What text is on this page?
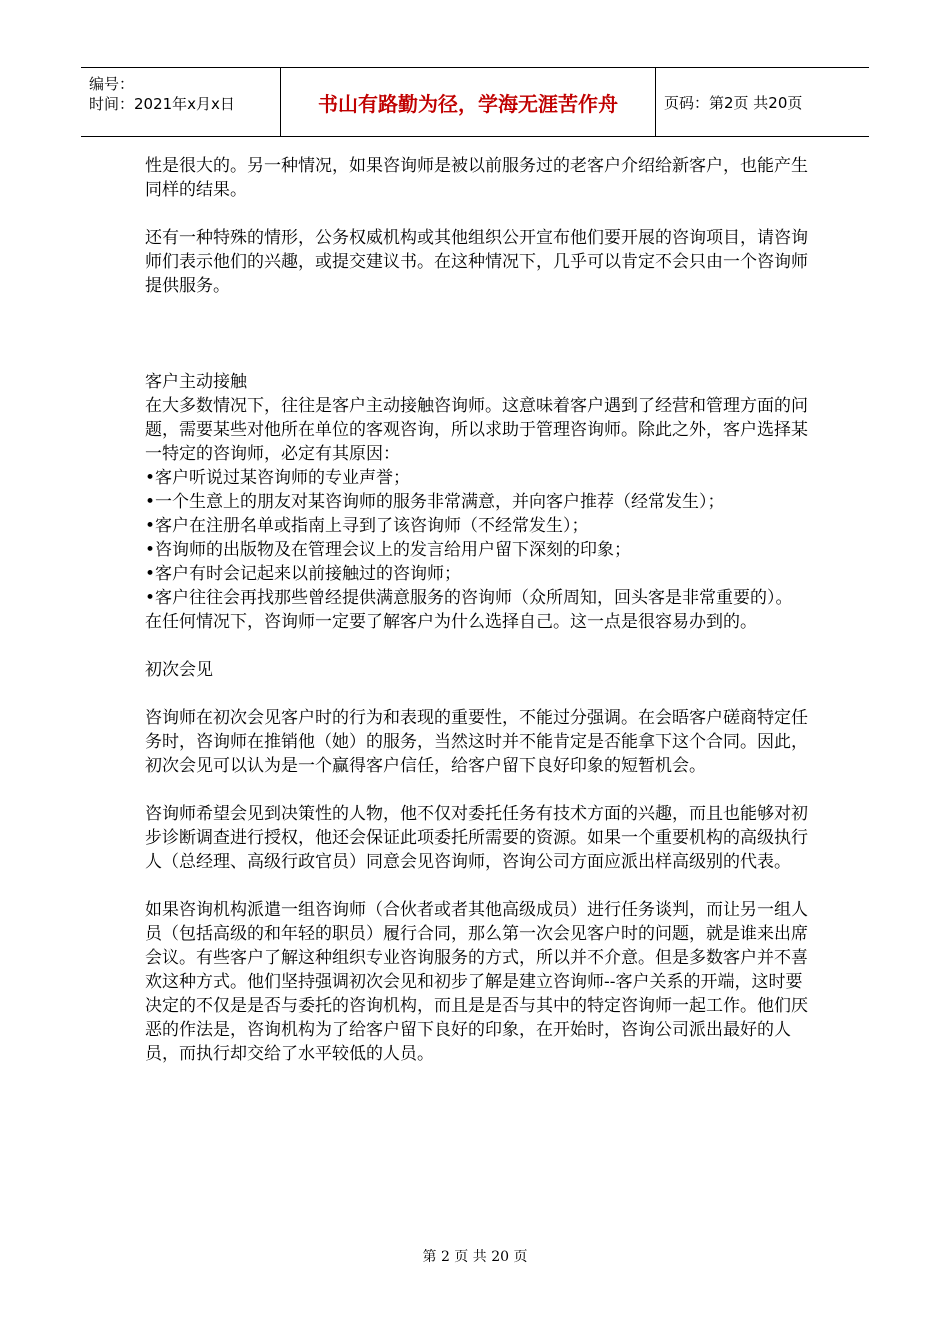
编号：
时间：2021年x月x日	书山有路勤为径，学海无涯苦作舟	页码：第2页 共20页

性是很大的。另一种情况，如果咨询师是被以前服务过的老客户介绍给新客户，也能产生同样的结果。

还有一种特殊的情形，公务权威机构或其他组织公开宣布他们要开展的咨询项目，请咨询师们表示他们的兴趣，或提交建议书。在这种情况下，几乎可以肯定不会只由一个咨询师提供服务。

客户主动接触

在大多数情况下，往往是客户主动接触咨询师。这意味着客户遇到了经营和管理方面的问题，需要某些对他所在单位的客观咨询，所以求助于管理咨询师。除此之外，客户选择某一特定的咨询师，必定有其原因：

•客户听说过某咨询师的专业声誉；

•一个生意上的朋友对某咨询师的服务非常满意，并向客户推荐（经常发生）；

•客户在注册名单或指南上寻到了该咨询师（不经常发生）；

•咨询师的出版物及在管理会议上的发言给用户留下深刻的印象；

•客户有时会记起来以前接触过的咨询师；

•客户往往会再找那些曾经提供满意服务的咨询师（众所周知，回头客是非常重要的）。

在任何情况下，咨询师一定要了解客户为什么选择自己。这一点是很容易办到的。

初次会见

咨询师在初次会见客户时的行为和表现的重要性，不能过分强调。在会晤客户磋商特定任务时，咨询师在推销他（她）的服务，当然这时并不能肯定是否能拿下这个合同。因此，初次会见可以认为是一个赢得客户信任，给客户留下良好印象的短暂机会。

咨询师希望会见到决策性的人物，他不仅对委托任务有技术方面的兴趣，而且也能够对初步诊断调查进行授权，他还会保证此项委托所需要的资源。如果一个重要机构的高级执行人（总经理、高级行政官员）同意会见咨询师，咨询公司方面应派出样高级别的代表。

如果咨询机构派遣一组咨询师（合伙者或者其他高级成员）进行任务谈判，而让另一组人员（包括高级的和年轻的职员）履行合同，那么第一次会见客户时的问题，就是谁来出席会议。有些客户了解这种组织专业咨询服务的方式，所以并不介意。但是多数客户并不喜欢这种方式。他们坚持强调初次会见和初步了解是建立咨询师--客户关系的开端，这时要决定的不仅是是否与委托的咨询机构，而且是是否与其中的特定咨询师一起工作。他们厌恶的作法是，咨询机构为了给客户留下良好的印象，在开始时，咨询公司派出最好的人 员，而执行却交给了水平较低的人员。

第 2 页 共 20 页
